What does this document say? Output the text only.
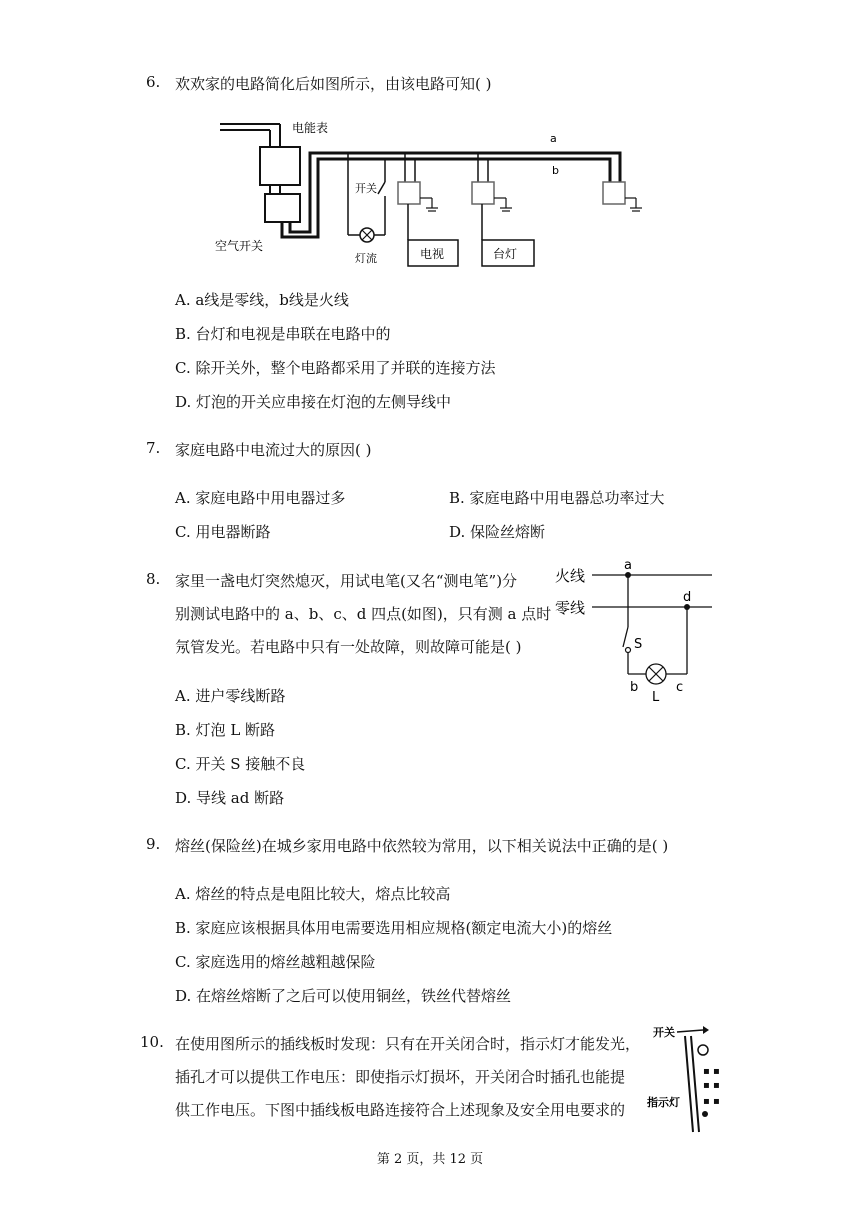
6. 欢欢家的电路简化后如图所示，由该电路可知( )
电能表
空气开关
a
b
开关
灯流	电视	台灯
A. a线是零线，b线是火线
B. 台灯和电视是串联在电路中的
C. 除开关外，整个电路都采用了并联的连接方法
D. 灯泡的开关应串接在灯泡的左侧导线中
7. 家庭电路中电流过大的原因( )
A. 家庭电路中用电器过多	B. 家庭电路中用电器总功率过大
C. 用电器断路	D. 保险丝熔断
8. 家里一盏电灯突然熄灭，用试电笔(又名“测电笔”)分
别测试电路中的 a、b、c、d 四点(如图)，只有测 a 点时
氖管发光。若电路中只有一处故障，则故障可能是( )
火线
零线
a
d
S
b	c
L
A. 进户零线断路
B. 灯泡 L 断路
C. 开关 S 接触不良
D. 导线 ad 断路
9. 熔丝(保险丝)在城乡家用电路中依然较为常用，以下相关说法中正确的是( )
A. 熔丝的特点是电阻比较大，熔点比较高
B. 家庭应该根据具体用电需要选用相应规格(额定电流大小)的熔丝
C. 家庭选用的熔丝越粗越保险
D. 在熔丝熔断了之后可以使用铜丝，铁丝代替熔丝
10. 在使用图所示的插线板时发现：只有在开关闭合时，指示灯才能发光，
插孔才可以提供工作电压：即使指示灯损坏，开关闭合时插孔也能提
供工作电压。下图中插线板电路连接符合上述现象及安全用电要求的
开关
▪ ▪
▪ ▪
▪ ▪
指示灯
第 2 页，共 12 页
